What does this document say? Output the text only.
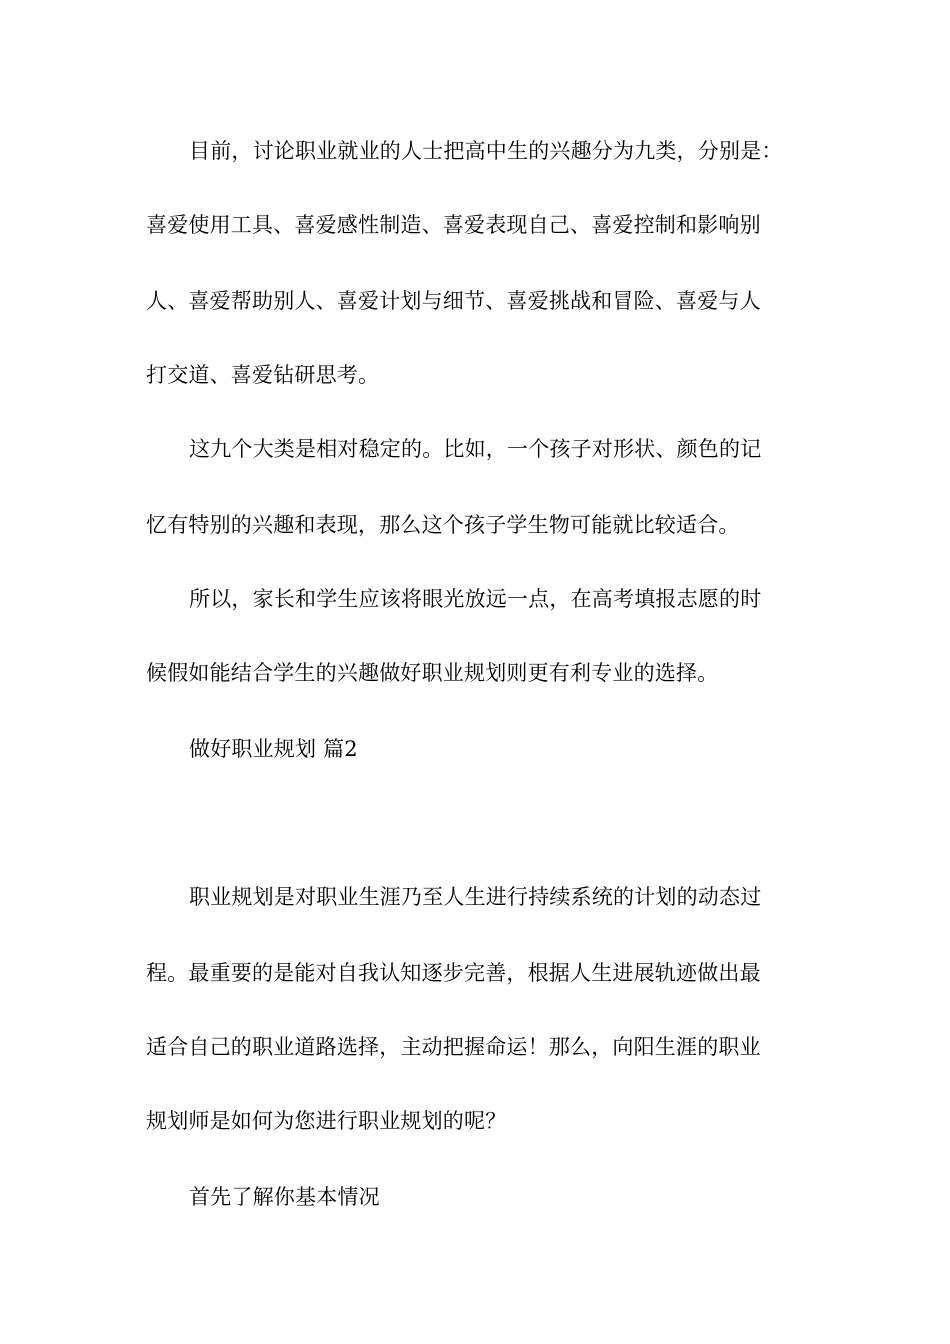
目前，讨论职业就业的人士把高中生的兴趣分为九类，分别是：
喜爱使用工具、喜爱感性制造、喜爱表现自己、喜爱控制和影响别
人、喜爱帮助别人、喜爱计划与细节、喜爱挑战和冒险、喜爱与人
打交道、喜爱钻研思考。
这九个大类是相对稳定的。比如，一个孩子对形状、颜色的记
忆有特别的兴趣和表现，那么这个孩子学生物可能就比较适合。
所以，家长和学生应该将眼光放远一点，在高考填报志愿的时
候假如能结合学生的兴趣做好职业规划则更有利专业的选择。
做好职业规划 篇2
职业规划是对职业生涯乃至人生进行持续系统的计划的动态过
程。最重要的是能对自我认知逐步完善，根据人生进展轨迹做出最
适合自己的职业道路选择，主动把握命运！那么，向阳生涯的职业
规划师是如何为您进行职业规划的呢？
首先了解你基本情况
